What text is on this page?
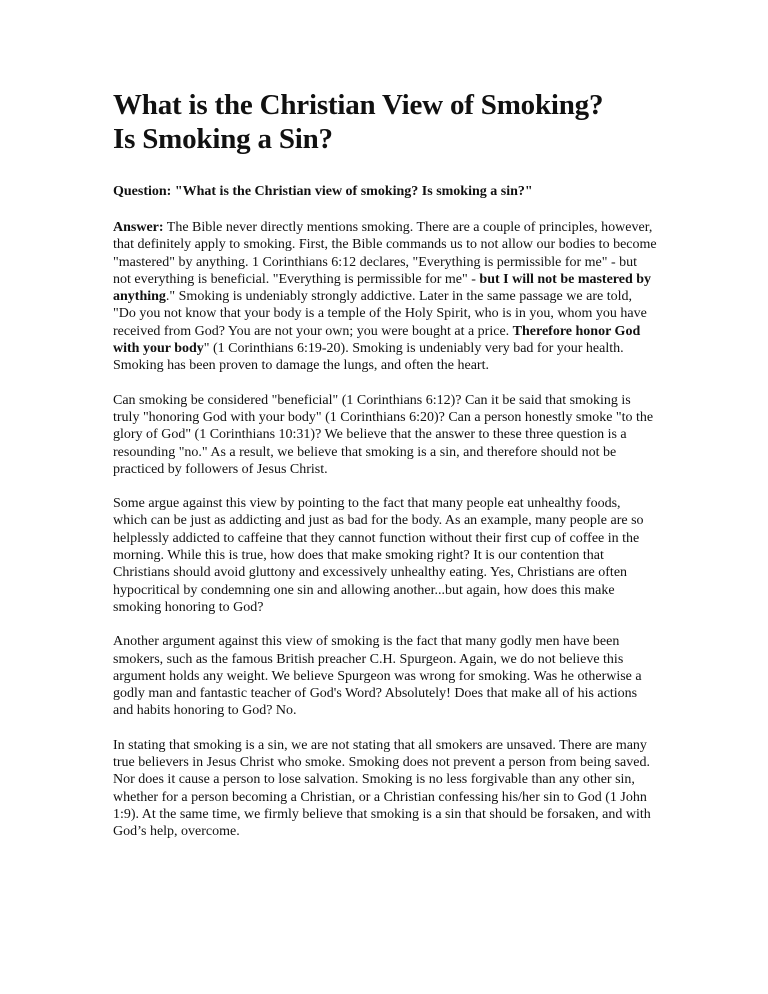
What is the Christian View of Smoking?
Is Smoking a Sin?
Question: "What is the Christian view of smoking? Is smoking a sin?"

Answer: The Bible never directly mentions smoking. There are a couple of principles, however, that definitely apply to smoking. First, the Bible commands us to not allow our bodies to become "mastered" by anything. 1 Corinthians 6:12 declares, "Everything is permissible for me" - but not everything is beneficial. "Everything is permissible for me" - but I will not be mastered by anything." Smoking is undeniably strongly addictive. Later in the same passage we are told, "Do you not know that your body is a temple of the Holy Spirit, who is in you, whom you have received from God? You are not your own; you were bought at a price. Therefore honor God with your body" (1 Corinthians 6:19-20). Smoking is undeniably very bad for your health. Smoking has been proven to damage the lungs, and often the heart.

Can smoking be considered "beneficial" (1 Corinthians 6:12)? Can it be said that smoking is truly "honoring God with your body" (1 Corinthians 6:20)? Can a person honestly smoke "to the glory of God" (1 Corinthians 10:31)? We believe that the answer to these three question is a resounding "no." As a result, we believe that smoking is a sin, and therefore should not be practiced by followers of Jesus Christ.

Some argue against this view by pointing to the fact that many people eat unhealthy foods, which can be just as addicting and just as bad for the body. As an example, many people are so helplessly addicted to caffeine that they cannot function without their first cup of coffee in the morning. While this is true, how does that make smoking right? It is our contention that Christians should avoid gluttony and excessively unhealthy eating. Yes, Christians are often hypocritical by condemning one sin and allowing another...but again, how does this make smoking honoring to God?

Another argument against this view of smoking is the fact that many godly men have been smokers, such as the famous British preacher C.H. Spurgeon. Again, we do not believe this argument holds any weight. We believe Spurgeon was wrong for smoking. Was he otherwise a godly man and fantastic teacher of God's Word? Absolutely! Does that make all of his actions and habits honoring to God? No.

In stating that smoking is a sin, we are not stating that all smokers are unsaved. There are many true believers in Jesus Christ who smoke. Smoking does not prevent a person from being saved. Nor does it cause a person to lose salvation. Smoking is no less forgivable than any other sin, whether for a person becoming a Christian, or a Christian confessing his/her sin to God (1 John 1:9). At the same time, we firmly believe that smoking is a sin that should be forsaken, and with God’s help, overcome.
